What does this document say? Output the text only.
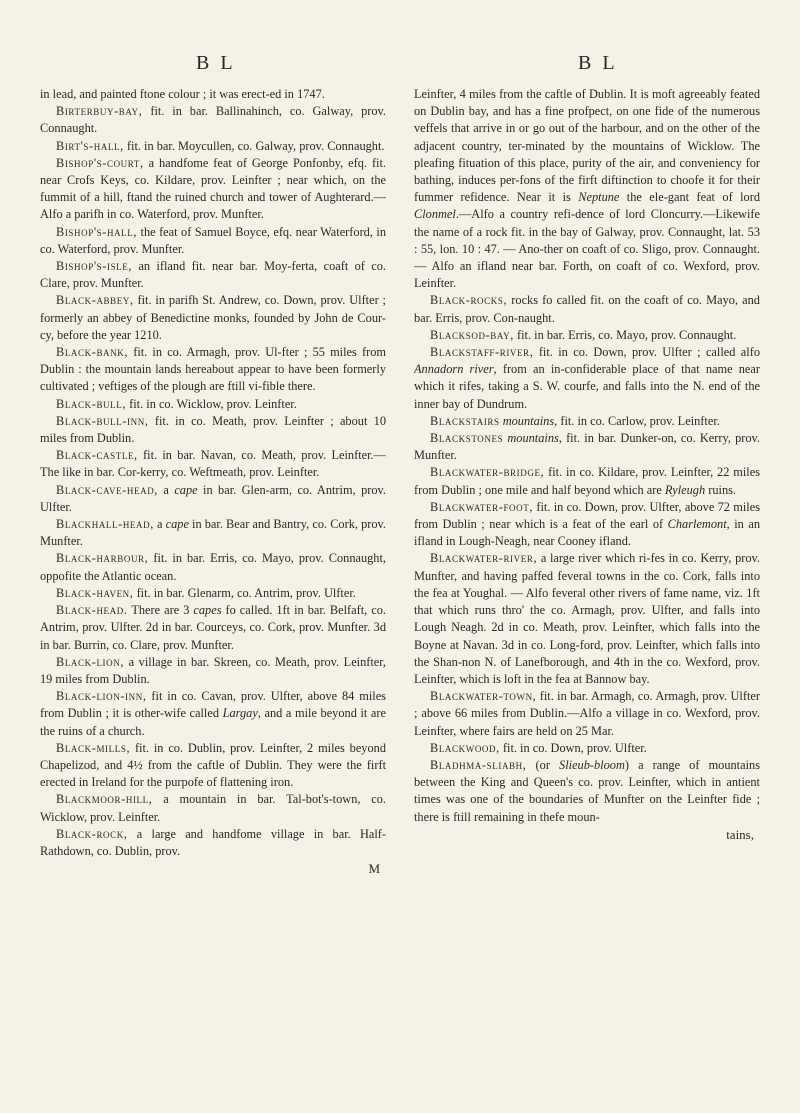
B L	B L

in lead, and painted ftone colour ; it was erect-ed in 1747.

Birterbuy-bay, fit. in bar. Ballinahinch, co. Galway, prov. Connaught.

Birt's-hall, fit. in bar. Moycullen, co. Galway, prov. Connaught.

Bishop's-court, a handfome feat of George Ponfonby, efq. fit. near Crofs Keys, co. Kildare, prov. Leinfter ; near which, on the fummit of a hill, ftand the ruined church and tower of Aughterard.—Alfo a parifh in co. Waterford, prov. Munfter.

Bishop's-hall, the feat of Samuel Boyce, efq. near Waterford, in co. Waterford, prov. Munfter.

Bishop's-isle, an ifland fit. near bar. Moy-ferta, coaft of co. Clare, prov. Munfter.

Black-abbey, fit. in parifh St. Andrew, co. Down, prov. Ulfter ; formerly an abbey of Benedictine monks, founded by John de Cour-cy, before the year 1210.

Black-bank, fit. in co. Armagh, prov. Ul-fter ; 55 miles from Dublin : the mountain lands hereabout appear to have been formerly cultivated ; veftiges of the plough are ftill vi-fible there.

Black-bull, fit. in co. Wicklow, prov. Leinfter.

Black-bull-inn, fit. in co. Meath, prov. Leinfter ; about 10 miles from Dublin.

Black-castle, fit. in bar. Navan, co. Meath, prov. Leinfter.—The like in bar. Cor-kerry, co. Weftmeath, prov. Leinfter.

Black-cave-head, a cape in bar. Glen-arm, co. Antrim, prov. Ulfter.

Blackhall-head, a cape in bar. Bear and Bantry, co. Cork, prov. Munfter.

Black-harbour, fit. in bar. Erris, co. Mayo, prov. Connaught, oppofite the Atlantic ocean.

Black-haven, fit. in bar. Glenarm, co. Antrim, prov. Ulfter.

Black-head. There are 3 capes fo called. 1ft in bar. Belfaft, co. Antrim, prov. Ulfter. 2d in bar. Courceys, co. Cork, prov. Munfter. 3d in bar. Burrin, co. Clare, prov. Munfter.

Black-lion, a village in bar. Skreen, co. Meath, prov. Leinfter, 19 miles from Dublin.

Black-lion-inn, fit in co. Cavan, prov. Ulfter, above 84 miles from Dublin ; it is other-wife called Largay, and a mile beyond it are the ruins of a church.

Black-mills, fit. in co. Dublin, prov. Leinfter, 2 miles beyond Chapelizod, and 4½ from the caftle of Dublin. They were the firft erected in Ireland for the purpofe of flattening iron.

Blackmoor-hill, a mountain in bar. Tal-bot's-town, co. Wicklow, prov. Leinfter.

Black-rock, a large and handfome village in bar. Half-Rathdown, co. Dublin, prov.

M

Leinfter, 4 miles from the caftle of Dublin. It is moft agreeably feated on Dublin bay, and has a fine profpect, on one fide of the numerous veffels that arrive in or go out of the harbour, and on the other of the adjacent country, ter-minated by the mountains of Wicklow. The pleafing fituation of this place, purity of the air, and conveniency for bathing, induces per-fons of the firft diftinction to choofe it for their fummer refidence. Near it is Neptune the ele-gant feat of lord Clonmel.—Alfo a country refi-dence of lord Cloncurry.—Likewife the name of a rock fit. in the bay of Galway, prov. Connaught, lat. 53 : 55, lon. 10 : 47. — Ano-ther on coaft of co. Sligo, prov. Connaught.— Alfo an ifland near bar. Forth, on coaft of co. Wexford, prov. Leinfter.

Black-rocks, rocks fo called fit. on the coaft of co. Mayo, and bar. Erris, prov. Con-naught.

Blacksod-bay, fit. in bar. Erris, co. Mayo, prov. Connaught.

Blackstaff-river, fit. in co. Down, prov. Ulfter ; called alfo Annadorn river, from an in-confiderable place of that name near which it rifes, taking a S. W. courfe, and falls into the N. end of the inner bay of Dundrum.

Blackstairs mountains, fit. in co. Carlow, prov. Leinfter.

Blackstones mountains, fit. in bar. Dunker-on, co. Kerry, prov. Munfter.

Blackwater-bridge, fit. in co. Kildare, prov. Leinfter, 22 miles from Dublin ; one mile and half beyond which are Ryleugh ruins.

Blackwater-foot, fit. in co. Down, prov. Ulfter, above 72 miles from Dublin ; near which is a feat of the earl of Charlemont, in an ifland in Lough-Neagh, near Cooney ifland.

Blackwater-river, a large river which ri-fes in co. Kerry, prov. Munfter, and having paffed feveral towns in the co. Cork, falls into the fea at Youghal. — Alfo feveral other rivers of fame name, viz. 1ft that which runs thro' the co. Armagh, prov. Ulfter, and falls into Lough Neagh. 2d in co. Meath, prov. Leinfter, which falls into the Boyne at Navan. 3d in co. Long-ford, prov. Leinfter, which falls into the Shan-non N. of Lanefborough, and 4th in the co. Wexford, prov. Leinfter, which is loft in the fea at Bannow bay.

Blackwater-town, fit. in bar. Armagh, co. Armagh, prov. Ulfter ; above 66 miles from Dublin.—Alfo a village in co. Wexford, prov. Leinfter, where fairs are held on 25 Mar.

Blackwood, fit. in co. Down, prov. Ulfter.

Bladhma-sliabh, (or Slieub-bloom) a range of mountains between the King and Queen's co. prov. Leinfter, which in antient times was one of the boundaries of Munfter on the Leinfter fide ; there is ftill remaining in thefe moun-

tains,
